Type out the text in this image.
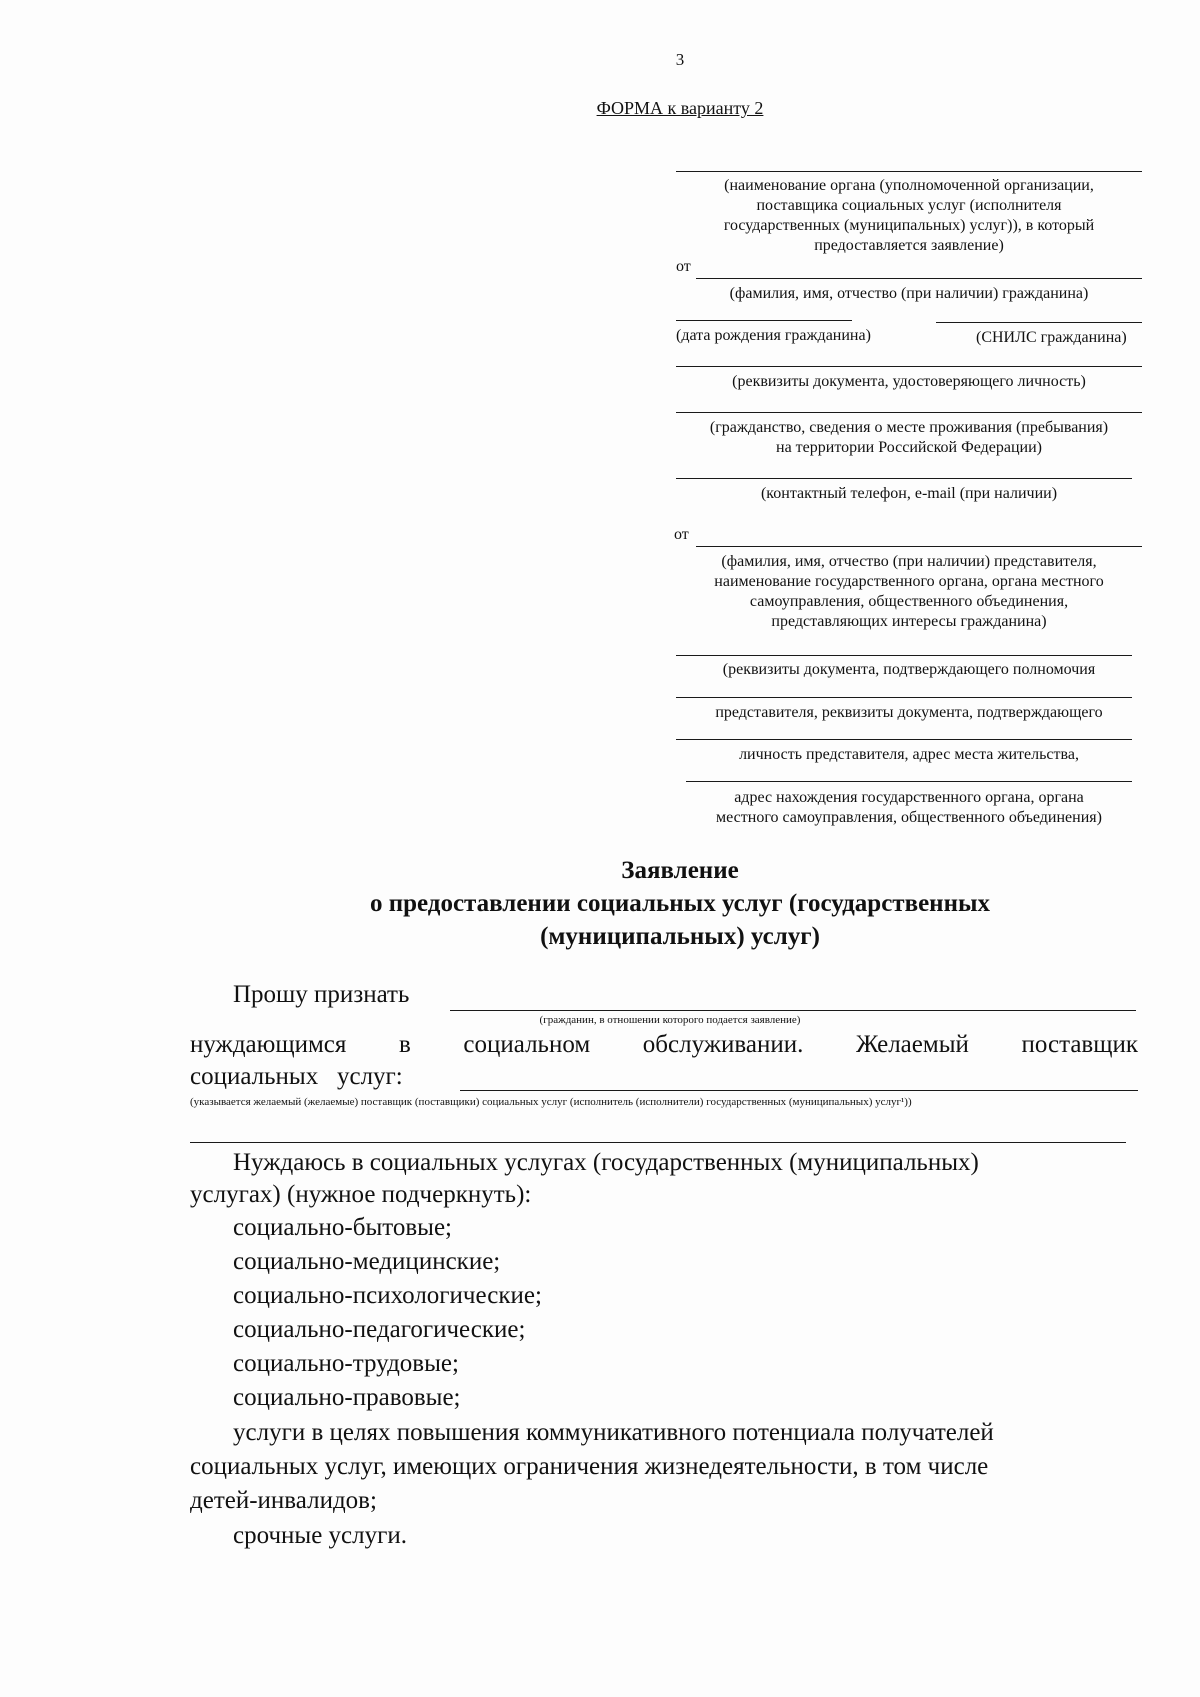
3
ФОРМА к варианту 2
(наименование органа (уполномоченной организации,
поставщика социальных услуг (исполнителя
государственных (муниципальных) услуг)), в который
предоставляется заявление)
от
(фамилия, имя, отчество (при наличии) гражданина)
(дата рождения гражданина)	(СНИЛС гражданина)
(реквизиты документа, удостоверяющего личность)
(гражданство, сведения о месте проживания (пребывания)
на территории Российской Федерации)
(контактный телефон, e-mail (при наличии)
от
(фамилия, имя, отчество (при наличии) представителя,
наименование государственного органа, органа местного
самоуправления, общественного объединения,
представляющих интересы гражданина)
(реквизиты документа, подтверждающего полномочия
представителя, реквизиты документа, подтверждающего
личность представителя, адрес места жительства,
адрес нахождения государственного органа, органа
местного самоуправления, общественного объединения)
Заявление
о предоставлении социальных услуг (государственных
(муниципальных) услуг)
Прошу признать
(гражданин, в отношении которого подается заявление)
нуждающимся в социальном обслуживании. Желаемый поставщик
социальных   услуг:
(указывается желаемый (желаемые) поставщик (поставщики) социальных услуг (исполнитель (исполнители) государственных (муниципальных) услуг¹))
Нуждаюсь в социальных услугах (государственных (муниципальных)
услугах) (нужное подчеркнуть):
социально-бытовые;
социально-медицинские;
социально-психологические;
социально-педагогические;
социально-трудовые;
социально-правовые;
услуги в целях повышения коммуникативного потенциала получателей
социальных услуг, имеющих ограничения жизнедеятельности, в том числе
детей-инвалидов;
срочные услуги.
